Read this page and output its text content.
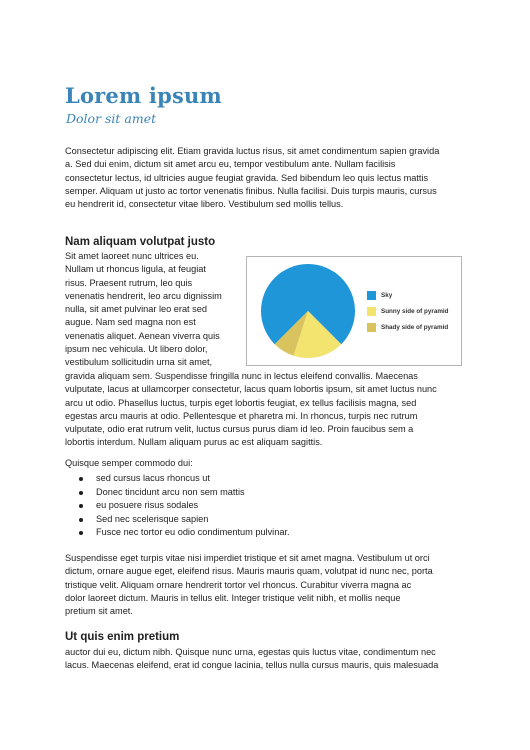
Lorem ipsum
Dolor sit amet
Consectetur adipiscing elit. Etiam gravida luctus risus, sit amet condimentum sapien gravida
a. Sed dui enim, dictum sit amet arcu eu, tempor vestibulum ante. Nullam facilisis
consectetur lectus, id ultricies augue feugiat gravida. Sed bibendum leo quis lectus mattis
semper. Aliquam ut justo ac tortor venenatis finibus. Nulla facilisi. Duis turpis mauris, cursus
eu hendrerit id, consectetur vitae libero. Vestibulum sed mollis tellus.
Nam aliquam volutpat justo
Sit amet laoreet nunc ultrices eu.
Nullam ut rhoncus ligula, at feugiat
risus. Praesent rutrum, leo quis
venenatis hendrerit, leo arcu dignissim
nulla, sit amet pulvinar leo erat sed
augue. Nam sed magna non est
venenatis aliquet. Aenean viverra quis
ipsum nec vehicula. Ut libero dolor,
vestibulum sollicitudin urna sit amet,
gravida aliquam sem. Suspendisse fringilla nunc in lectus eleifend convallis. Maecenas
vulputate, lacus at ullamcorper consectetur, lacus quam lobortis ipsum, sit amet luctus nunc
arcu ut odio. Phasellus luctus, turpis eget lobortis feugiat, ex tellus facilisis magna, sed
egestas arcu mauris at odio. Pellentesque et pharetra mi. In rhoncus, turpis nec rutrum
vulputate, odio erat rutrum velit, luctus cursus purus diam id leo. Proin faucibus sem a
lobortis interdum. Nullam aliquam purus ac est aliquam sagittis.
Sky
Sunny side of pyramid
Shady side of pyramid
Quisque semper commodo dui:
sed cursus lacus rhoncus ut
Donec tincidunt arcu non sem mattis
eu posuere risus sodales
Sed nec scelerisque sapien
Fusce nec tortor eu odio condimentum pulvinar.
Suspendisse eget turpis vitae nisi imperdiet tristique et sit amet magna. Vestibulum ut orci
dictum, ornare augue eget, eleifend risus. Mauris mauris quam, volutpat id nunc nec, porta
tristique velit. Aliquam ornare hendrerit tortor vel rhoncus. Curabitur viverra magna ac
dolor laoreet dictum. Mauris in tellus elit. Integer tristique velit nibh, et mollis neque
pretium sit amet.
Ut quis enim pretium
auctor dui eu, dictum nibh. Quisque nunc urna, egestas quis luctus vitae, condimentum nec
lacus. Maecenas eleifend, erat id congue lacinia, tellus nulla cursus mauris, quis malesuada
